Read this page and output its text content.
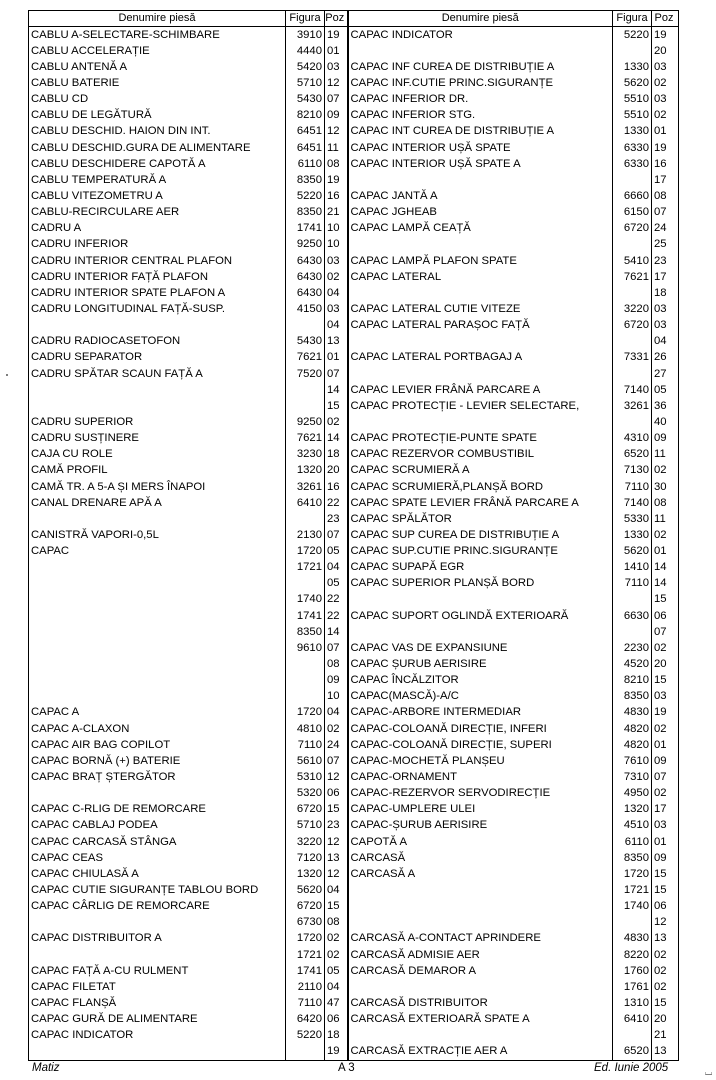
Denumire piesă	Figura	Poz	Denumire piesă	Figura	Poz
CABLU A-SELECTARE-SCHIMBARE	3910	19	CAPAC INDICATOR	5220	19
CABLU ACCELERAȚIE	4440	01			20
CABLU ANTENĂ A	5420	03	CAPAC INF CUREA DE DISTRIBUȚIE A	1330	03
CABLU BATERIE	5710	12	CAPAC INF.CUTIE PRINC.SIGURANȚE	5620	02
CABLU CD	5430	07	CAPAC INFERIOR DR.	5510	03
CABLU DE LEGĂTURĂ	8210	09	CAPAC INFERIOR STG.	5510	02
CABLU DESCHID. HAION DIN INT.	6451	12	CAPAC INT CUREA DE DISTRIBUȚIE A	1330	01
CABLU DESCHID.GURA DE ALIMENTARE	6451	11	CAPAC INTERIOR UȘĂ SPATE	6330	19
CABLU DESCHIDERE CAPOTĂ A	6110	08	CAPAC INTERIOR UȘĂ SPATE A	6330	16
CABLU TEMPERATURĂ A	8350	19			17
CABLU VITEZOMETRU A	5220	16	CAPAC JANTĂ A	6660	08
CABLU-RECIRCULARE AER	8350	21	CAPAC JGHEAB	6150	07
CADRU A	1741	10	CAPAC LAMPĂ CEAȚĂ	6720	24
CADRU INFERIOR	9250	10			25
CADRU INTERIOR CENTRAL PLAFON	6430	03	CAPAC LAMPĂ PLAFON SPATE	5410	23
CADRU INTERIOR FAȚĂ PLAFON	6430	02	CAPAC LATERAL	7621	17
CADRU INTERIOR SPATE PLAFON A	6430	04			18
CADRU LONGITUDINAL FAȚĂ-SUSP.	4150	03	CAPAC LATERAL CUTIE VITEZE	3220	03
		04	CAPAC LATERAL PARAȘOC FAȚĂ	6720	03
CADRU RADIOCASETOFON	5430	13			04
CADRU SEPARATOR	7621	01	CAPAC LATERAL PORTBAGAJ A	7331	26
CADRU SPĂTAR SCAUN FAȚĂ A	7520	07			27
		14	CAPAC LEVIER FRÂNĂ PARCARE A	7140	05
		15	CAPAC PROTECȚIE - LEVIER SELECTARE,	3261	36
CADRU SUPERIOR	9250	02			40
CADRU SUSȚINERE	7621	14	CAPAC PROTECȚIE-PUNTE SPATE	4310	09
CAJA CU ROLE	3230	18	CAPAC REZERVOR COMBUSTIBIL	6520	11
CAMĂ PROFIL	1320	20	CAPAC SCRUMIERĂ A	7130	02
CAMĂ TR. A 5-A ȘI MERS ÎNAPOI	3261	16	CAPAC SCRUMIERĂ,PLANȘĂ BORD	7110	30
CANAL DRENARE APĂ A	6410	22	CAPAC SPATE LEVIER FRÂNĂ PARCARE A	7140	08
		23	CAPAC SPĂLĂTOR	5330	11
CANISTRĂ VAPORI-0,5L	2130	07	CAPAC SUP CUREA DE DISTRIBUȚIE A	1330	02
CAPAC	1720	05	CAPAC SUP.CUTIE PRINC.SIGURANȚE	5620	01
	1721	04	CAPAC SUPAPĂ EGR	1410	14
		05	CAPAC SUPERIOR PLANȘĂ BORD	7110	14
	1740	22			15
	1741	22	CAPAC SUPORT OGLINDĂ EXTERIOARĂ	6630	06
	8350	14			07
	9610	07	CAPAC VAS DE EXPANSIUNE	2230	02
		08	CAPAC ȘURUB AERISIRE	4520	20
		09	CAPAC ÎNCĂLZITOR	8210	15
		10	CAPAC(MASCĂ)-A/C	8350	03
CAPAC A	1720	04	CAPAC-ARBORE INTERMEDIAR	4830	19
CAPAC A-CLAXON	4810	02	CAPAC-COLOANĂ DIRECȚIE, INFERI	4820	02
CAPAC AIR BAG COPILOT	7110	24	CAPAC-COLOANĂ DIRECȚIE, SUPERI	4820	01
CAPAC BORNĂ (+) BATERIE	5610	07	CAPAC-MOCHETĂ PLANȘEU	7610	09
CAPAC BRAȚ ȘTERGĂTOR	5310	12	CAPAC-ORNAMENT	7310	07
	5320	06	CAPAC-REZERVOR SERVODIRECȚIE	4950	02
CAPAC C-RLIG DE REMORCARE	6720	15	CAPAC-UMPLERE ULEI	1320	17
CAPAC CABLAJ PODEA	5710	23	CAPAC-ȘURUB AERISIRE	4510	03
CAPAC CARCASĂ STÂNGA	3220	12	CAPOTĂ A	6110	01
CAPAC CEAS	7120	13	CARCASĂ	8350	09
CAPAC CHIULASĂ A	1320	12	CARCASĂ A	1720	15
CAPAC CUTIE SIGURANȚE TABLOU BORD	5620	04		1721	15
CAPAC CÂRLIG DE REMORCARE	6720	15		1740	06
	6730	08			12
CAPAC DISTRIBUITOR A	1720	02	CARCASĂ A-CONTACT APRINDERE	4830	13
	1721	02	CARCASĂ ADMISIE AER	8220	02
CAPAC FAȚĂ A-CU RULMENT	1741	05	CARCASĂ DEMAROR A	1760	02
CAPAC FILETAT	2110	04		1761	02
CAPAC FLANȘĂ	7110	47	CARCASĂ DISTRIBUITOR	1310	15
CAPAC GURĂ DE ALIMENTARE	6420	06	CARCASĂ EXTERIOARĂ SPATE A	6410	20
CAPAC INDICATOR	5220	18			21
		19	CARCASĂ EXTRACȚIE AER A	6520	13
Matiz	A 3	Ed. Iunie 2005	⌴
